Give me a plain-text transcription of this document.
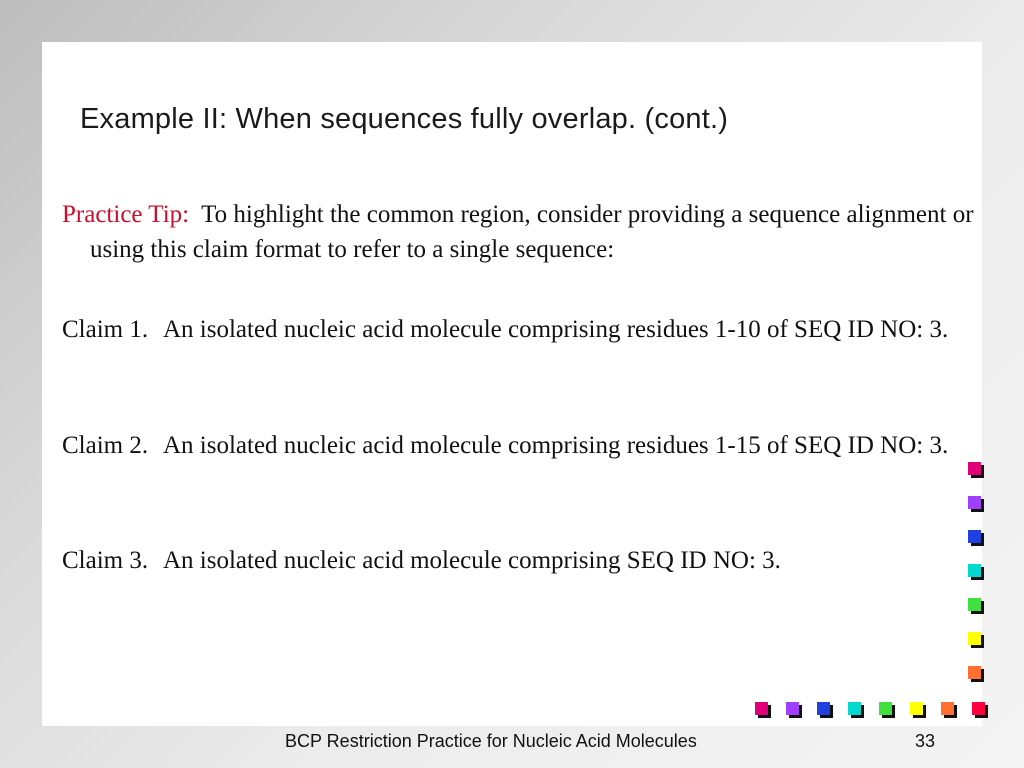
Example II: When sequences fully overlap. (cont.)
Practice Tip: To highlight the common region, consider providing a sequence alignment or using this claim format to refer to a single sequence:
Claim 1. An isolated nucleic acid molecule comprising residues 1-10 of SEQ ID NO: 3.
Claim 2. An isolated nucleic acid molecule comprising residues 1-15 of SEQ ID NO: 3.
Claim 3. An isolated nucleic acid molecule comprising SEQ ID NO: 3.
BCP Restriction Practice for Nucleic Acid Molecules	33
